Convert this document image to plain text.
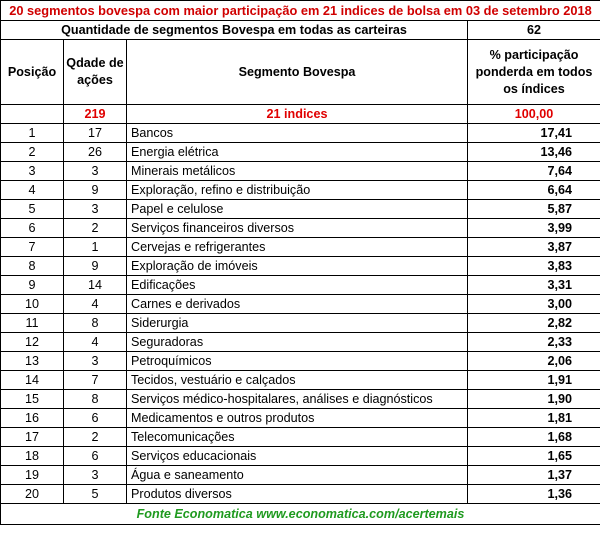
20 segmentos bovespa com maior participação em 21 indices de bolsa em 03 de setembro 2018			
Quantidade de segmentos Bovespa em todas as carteiras			62
Posição	Qdade de ações	Segmento Bovespa	% participação ponderda em todos os índices
	219	21 indices	100,00
1	17	Bancos	17,41
2	26	Energia elétrica	13,46
3	3	Minerais metálicos	7,64
4	9	Exploração, refino e distribuição	6,64
5	3	Papel e celulose	5,87
6	2	Serviços financeiros diversos	3,99
7	1	Cervejas e refrigerantes	3,87
8	9	Exploração de imóveis	3,83
9	14	Edificações	3,31
10	4	Carnes e derivados	3,00
11	8	Siderurgia	2,82
12	4	Seguradoras	2,33
13	3	Petroquímicos	2,06
14	7	Tecidos, vestuário e calçados	1,91
15	8	Serviços médico-hospitalares, análises e diagnósticos	1,90
16	6	Medicamentos e outros produtos	1,81
17	2	Telecomunicações	1,68
18	6	Serviços educacionais	1,65
19	3	Água e saneamento	1,37
20	5	Produtos diversos	1,36
Fonte Economatica www.economatica.com/acertemais			
